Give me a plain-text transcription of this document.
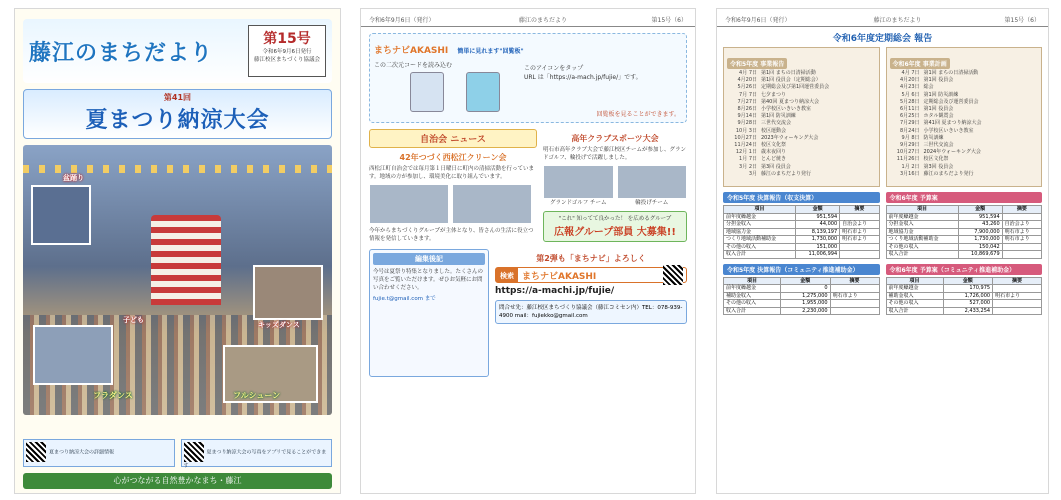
藤江のまちだより
第15号
令和6年9月6日発行
藤江校区まちづくり協議会
第41回
夏まつり納涼大会
盆踊り
子ども
キッズダンス
フラダンス	フルシューン
夏まつり納涼大会の詳細情報	夏まつり納涼大会の写真をアプリで見ることができます
心がつながる自然豊かなまち・藤江
令和6年9月6日（発行）	藤江のまちだより	第15号（6）
まちナビAKASHI 簡単に見れます"回覧板"
この二次元コードを読み込む	このアイコンをタップ
URL は「https://a-mach.jp/fujie/」です。
回覧板を見ることができます。
自治会 ニュース
42年つづく西松江クリーン会
西松江町自治会では毎月第１日曜日に町内の清掃活動を行っています。地域の方が参加し、環境美化に取り組んでいます。
今年からまちづくりグループが主体となり、皆さんの生活に役立つ情報を発信していきます。
高年クラブスポーツ大会
明石市高年クラブ大会で藤江校区チームが参加し、グランドゴルフ、輪投げで活躍しました。
グランドゴルフ チーム	輪投げチーム
"これ" 知ってて良かった！ を広めるグループ
広報グループ部員 大募集!!
編集後記
今号は夏祭り特集となりました。たくさんの写真をご覧いただけます。ぜひお気軽にお問い合わせください。
fujie.t@gmail.com まで
第2弾も「まちナビ」よろしく
検索 まちナビAKASHI
https://a-machi.jp/fujie/
問合せ先：藤江校区まちづくり協議会（藤江コミセン内）TEL：078-939-4900 mail：fujiekko@gmail.com
令和6年9月6日（発行）	藤江のまちだより	第15号（6）
令和6年度定期総会 報告
令和5年度 事業報告
4月 7日 第1回 まちの日清掃活動
4月20日 第1回 役員会（定期総会）
5月26日 定期総会及び第1回運営委員会
7月 7日 七夕まつり
7月27日 第40回 夏まつり納涼大会
8月26日 小学校区いきいき教室
9月14日 第1回 防災訓練
9月28日 三世代交流会
10月 3日 校区運動会
10月27日 2023年ウォーキング大会
11月24日 校区文化祭
12月 1日 歳末夜回り
1月 7日 とんど焼き
3月 2日 第3回 役員会
3月 藤江のまちだより発行
令和5年度 決算報告（収支決算）
項目	金額	摘要
前年度繰越金	951,594	
分担金収入	44,000	自治会より
地域協力金	8,139,197	明石市より
つくり地域活動補助金	1,730,000	明石市より
その他の収入	151,000	
収入合計	11,006,994	
令和5年度 決算報告（コミュニティ推進補助金）
項目	金額	摘要
前年度繰越金	0	
補助金収入	1,275,000	明石市より
その他の収入	1,955,000	
収入合計	2,230,000	
令和6年度 事業計画
4月 7日 第1回 まちの日清掃活動
4月20日 第1回 役員会
4月23日 総会
5月 6日 第1回 防災訓練
5月28日 定期総会及び運営委員会
6月11日 第1回 役員会
6月25日 ホタル観賞会
7月29日 第41回 夏まつり納涼大会
8月24日 小学校区いきいき教室
9月 8日 防災訓練
9月29日 三世代交流会
10月27日 2024年ウォーキング大会
11月26日 校区文化祭
1月 2日 第3回 役員会
3月16日 藤江のまちだより発行
令和6年度 予算案
項目	金額	摘要
前年度繰越金	951,594	
分担金収入	43,260	自治会より
地域協力金	7,900,000	明石市より
つくり地域活動補助金	1,730,000	明石市より
その他の収入	150,042	
収入合計	10,869,679	
令和6年度 予算案（コミュニティ推進補助金）
項目	金額	摘要
前年度繰越金	170,975	
補助金収入	1,726,000	明石市より
その他の収入	527,000	
収入合計	2,433,254	
